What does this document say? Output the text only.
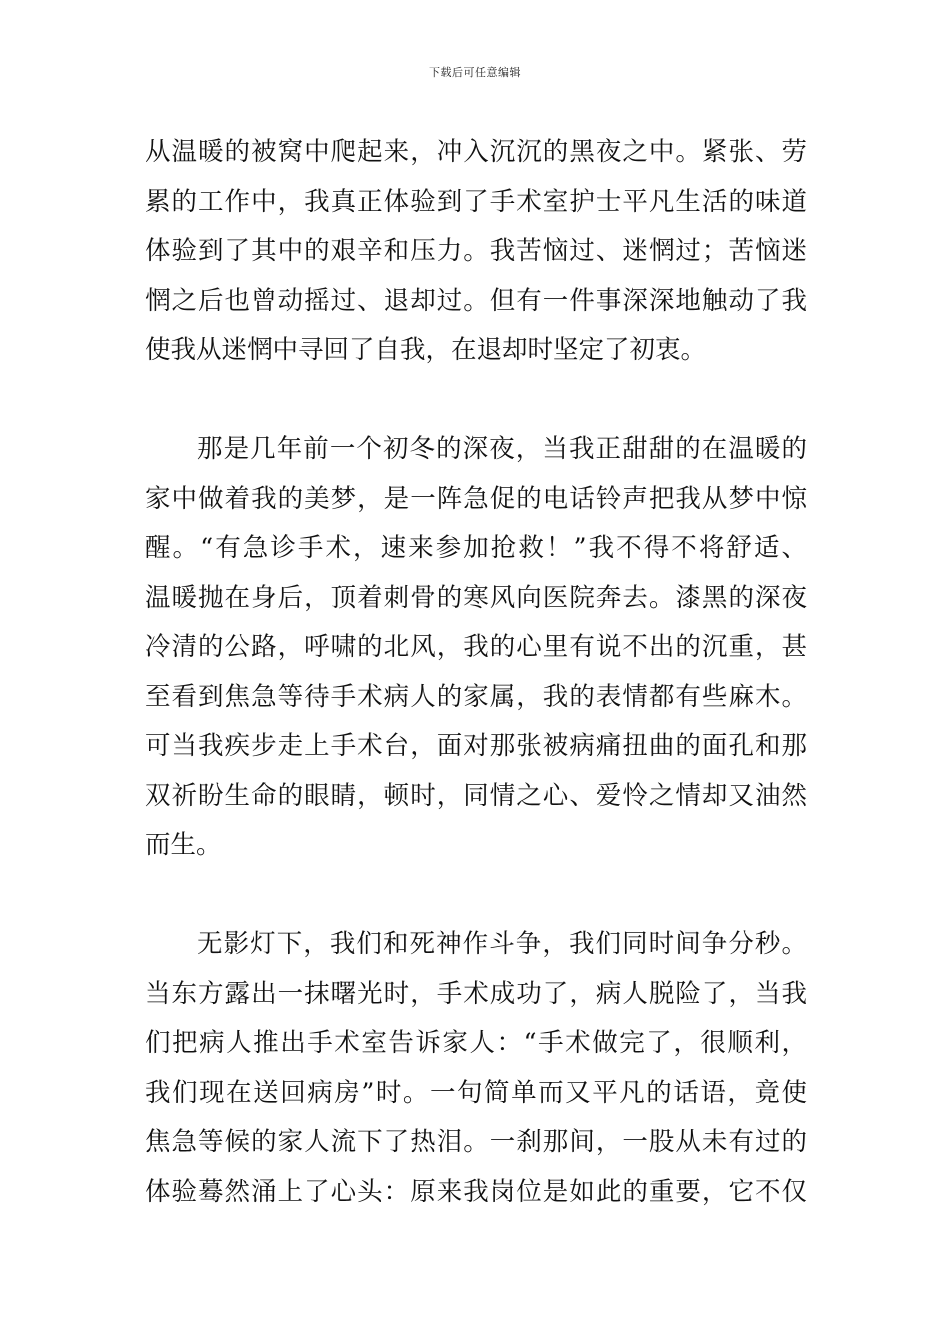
下载后可任意编辑
从温暖的被窝中爬起来，冲入沉沉的黑夜之中。紧张、劳
累的工作中，我真正体验到了手术室护士平凡生活的味道
体验到了其中的艰辛和压力。我苦恼过、迷惘过；苦恼迷
惘之后也曾动摇过、退却过。但有一件事深深地触动了我
使我从迷惘中寻回了自我，在退却时坚定了初衷。
那是几年前一个初冬的深夜，当我正甜甜的在温暖的
家中做着我的美梦，是一阵急促的电话铃声把我从梦中惊
醒。“有急诊手术，速来参加抢救！”我不得不将舒适、
温暖抛在身后，顶着刺骨的寒风向医院奔去。漆黑的深夜
冷清的公路，呼啸的北风，我的心里有说不出的沉重，甚
至看到焦急等待手术病人的家属，我的表情都有些麻木。
可当我疾步走上手术台，面对那张被病痛扭曲的面孔和那
双祈盼生命的眼睛，顿时，同情之心、爱怜之情却又油然
而生。
无影灯下，我们和死神作斗争，我们同时间争分秒。
当东方露出一抹曙光时，手术成功了，病人脱险了，当我
们把病人推出手术室告诉家人：“手术做完了，很顺利，
我们现在送回病房”时。一句简单而又平凡的话语，竟使
焦急等候的家人流下了热泪。一刹那间，一股从未有过的
体验蓦然涌上了心头：原来我岗位是如此的重要，它不仅
